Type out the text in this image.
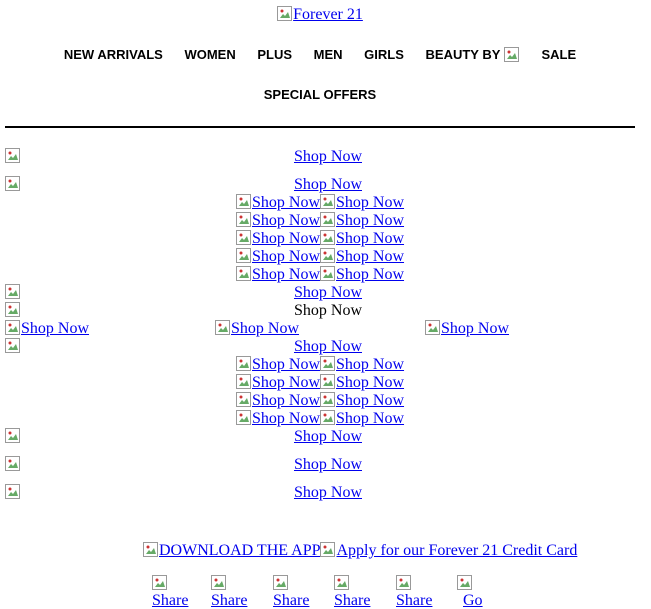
Forever 21
NEW ARRIVALS WOMEN PLUS MEN GIRLS BEAUTY BY	SALE
SPECIAL OFFERS
Shop Now
Shop Now
Shop Now Shop Now
Shop Now Shop Now
Shop Now Shop Now
Shop Now Shop Now
Shop Now Shop Now
Shop Now
Shop Now
Shop Now	Shop Now	Shop Now
Shop Now
Shop Now Shop Now
Shop Now Shop Now
Shop Now Shop Now
Shop Now Shop Now
Shop Now
Shop Now
Shop Now
DOWNLOAD THE APP Apply for our Forever 21 Credit Card
Share Share Share Share Share	Go
